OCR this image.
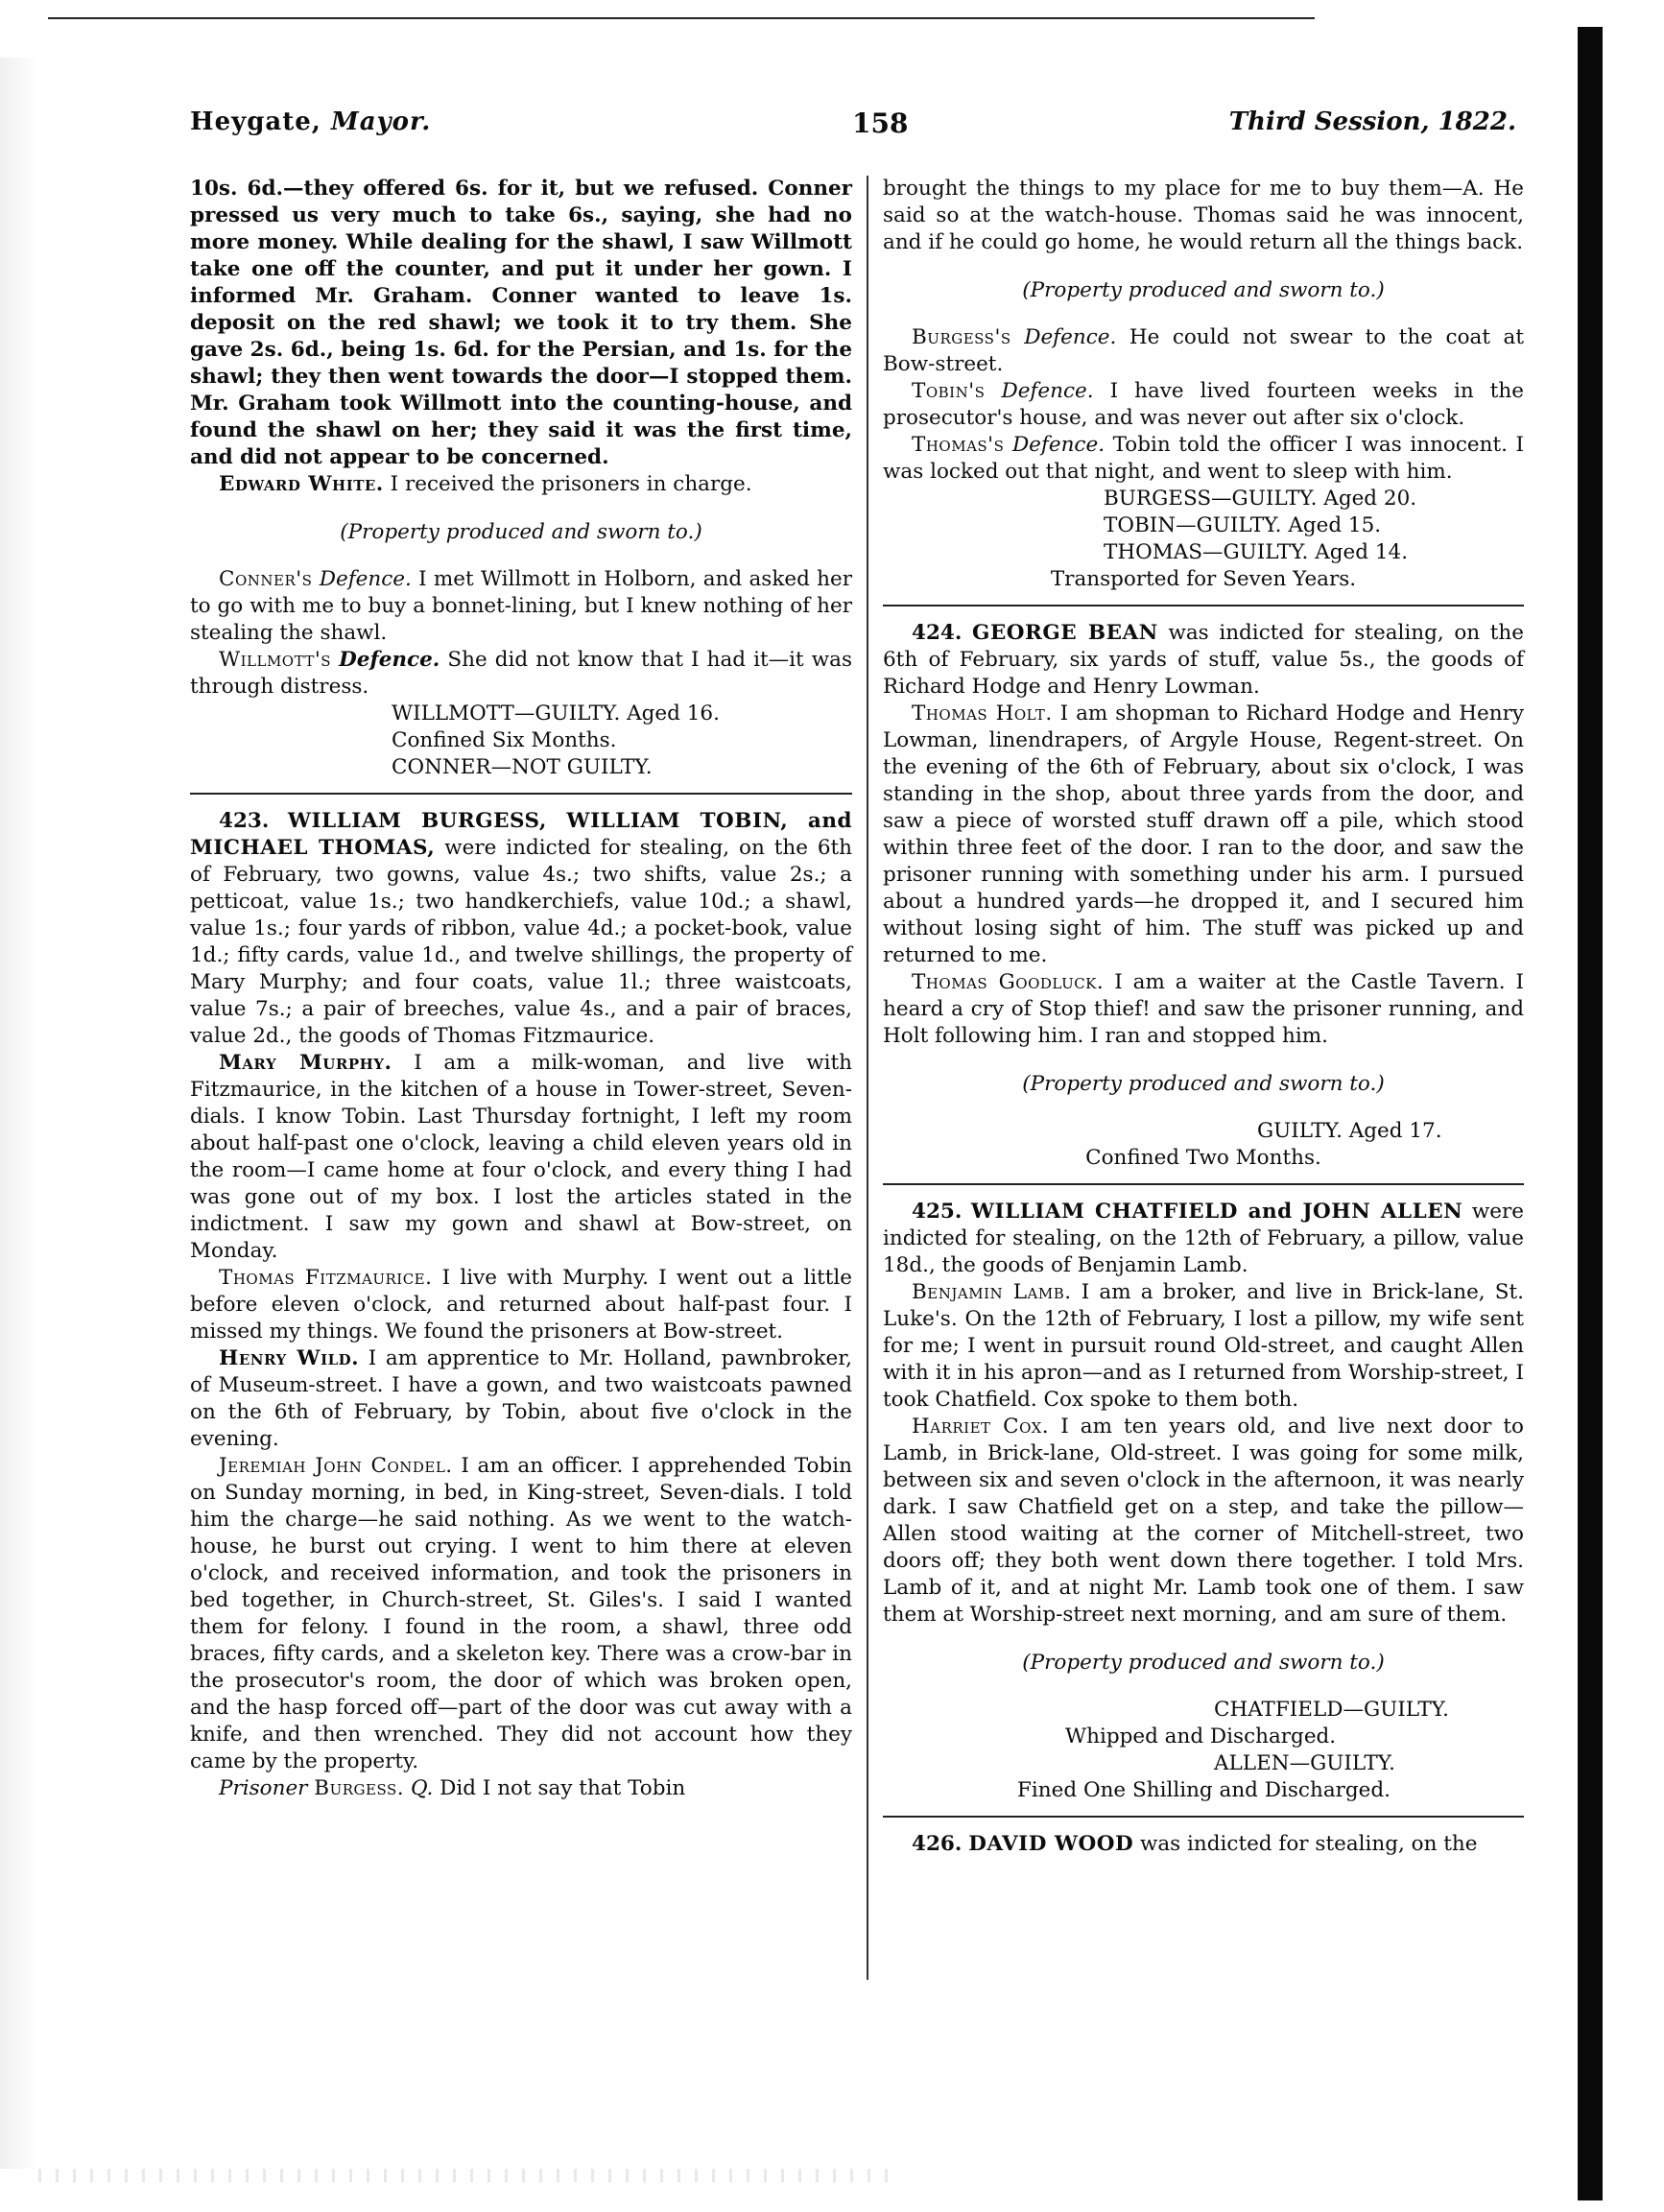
Heygate, Mayor.	158	Third Session, 1822.

10s. 6d.—they offered 6s. for it, but we refused. Conner pressed us very much to take 6s., saying, she had no more money. While dealing for the shawl, I saw Willmott take one off the counter, and put it under her gown. I informed Mr. Graham. Conner wanted to leave 1s. deposit on the red shawl; we took it to try them. She gave 2s. 6d., being 1s. 6d. for the Persian, and 1s. for the shawl; they then went towards the door—I stopped them. Mr. Graham took Willmott into the counting-house, and found the shawl on her; they said it was the first time, and did not appear to be concerned.

Edward White. I received the prisoners in charge.

(Property produced and sworn to.)

Conner's Defence. I met Willmott in Holborn, and asked her to go with me to buy a bonnet-lining, but I knew nothing of her stealing the shawl.

Willmott's Defence. She did not know that I had it—it was through distress.

WILLMOTT—GUILTY. Aged 16.
Confined Six Months.
CONNER—NOT GUILTY.

423. WILLIAM BURGESS, WILLIAM TOBIN, and MICHAEL THOMAS, were indicted for stealing, on the 6th of February, two gowns, value 4s.; two shifts, value 2s.; a petticoat, value 1s.; two handkerchiefs, value 10d.; a shawl, value 1s.; four yards of ribbon, value 4d.; a pocket-book, value 1d.; fifty cards, value 1d., and twelve shillings, the property of Mary Murphy; and four coats, value 1l.; three waistcoats, value 7s.; a pair of breeches, value 4s., and a pair of braces, value 2d., the goods of Thomas Fitzmaurice.

Mary Murphy. I am a milk-woman, and live with Fitzmaurice, in the kitchen of a house in Tower-street, Seven-dials. I know Tobin. Last Thursday fortnight, I left my room about half-past one o'clock, leaving a child eleven years old in the room—I came home at four o'clock, and every thing I had was gone out of my box. I lost the articles stated in the indictment. I saw my gown and shawl at Bow-street, on Monday.

Thomas Fitzmaurice. I live with Murphy. I went out a little before eleven o'clock, and returned about half-past four. I missed my things. We found the prisoners at Bow-street.

Henry Wild. I am apprentice to Mr. Holland, pawnbroker, of Museum-street. I have a gown, and two waistcoats pawned on the 6th of February, by Tobin, about five o'clock in the evening.

Jeremiah John Condel. I am an officer. I apprehended Tobin on Sunday morning, in bed, in King-street, Seven-dials. I told him the charge—he said nothing. As we went to the watch-house, he burst out crying. I went to him there at eleven o'clock, and received information, and took the prisoners in bed together, in Church-street, St. Giles's. I said I wanted them for felony. I found in the room, a shawl, three odd braces, fifty cards, and a skeleton key. There was a crow-bar in the prosecutor's room, the door of which was broken open, and the hasp forced off—part of the door was cut away with a knife, and then wrenched. They did not account how they came by the property.

Prisoner Burgess. Q. Did I not say that Tobin

brought the things to my place for me to buy them—A. He said so at the watch-house. Thomas said he was innocent, and if he could go home, he would return all the things back.

(Property produced and sworn to.)

Burgess's Defence. He could not swear to the coat at Bow-street.

Tobin's Defence. I have lived fourteen weeks in the prosecutor's house, and was never out after six o'clock.

Thomas's Defence. Tobin told the officer I was innocent. I was locked out that night, and went to sleep with him.

BURGESS—GUILTY. Aged 20.
TOBIN—GUILTY. Aged 15.
THOMAS—GUILTY. Aged 14.
Transported for Seven Years.

424. GEORGE BEAN was indicted for stealing, on the 6th of February, six yards of stuff, value 5s., the goods of Richard Hodge and Henry Lowman.

Thomas Holt. I am shopman to Richard Hodge and Henry Lowman, linendrapers, of Argyle House, Regent-street. On the evening of the 6th of February, about six o'clock, I was standing in the shop, about three yards from the door, and saw a piece of worsted stuff drawn off a pile, which stood within three feet of the door. I ran to the door, and saw the prisoner running with something under his arm. I pursued about a hundred yards—he dropped it, and I secured him without losing sight of him. The stuff was picked up and returned to me.

Thomas Goodluck. I am a waiter at the Castle Tavern. I heard a cry of Stop thief! and saw the prisoner running, and Holt following him. I ran and stopped him.

(Property produced and sworn to.)

GUILTY. Aged 17.
Confined Two Months.

425. WILLIAM CHATFIELD and JOHN ALLEN were indicted for stealing, on the 12th of February, a pillow, value 18d., the goods of Benjamin Lamb.

Benjamin Lamb. I am a broker, and live in Brick-lane, St. Luke's. On the 12th of February, I lost a pillow, my wife sent for me; I went in pursuit round Old-street, and caught Allen with it in his apron—and as I returned from Worship-street, I took Chatfield. Cox spoke to them both.

Harriet Cox. I am ten years old, and live next door to Lamb, in Brick-lane, Old-street. I was going for some milk, between six and seven o'clock in the afternoon, it was nearly dark. I saw Chatfield get on a step, and take the pillow—Allen stood waiting at the corner of Mitchell-street, two doors off; they both went down there together. I told Mrs. Lamb of it, and at night Mr. Lamb took one of them. I saw them at Worship-street next morning, and am sure of them.

(Property produced and sworn to.)

CHATFIELD—GUILTY.
Whipped and Discharged.
ALLEN—GUILTY.
Fined One Shilling and Discharged.

426. DAVID WOOD was indicted for stealing, on the
